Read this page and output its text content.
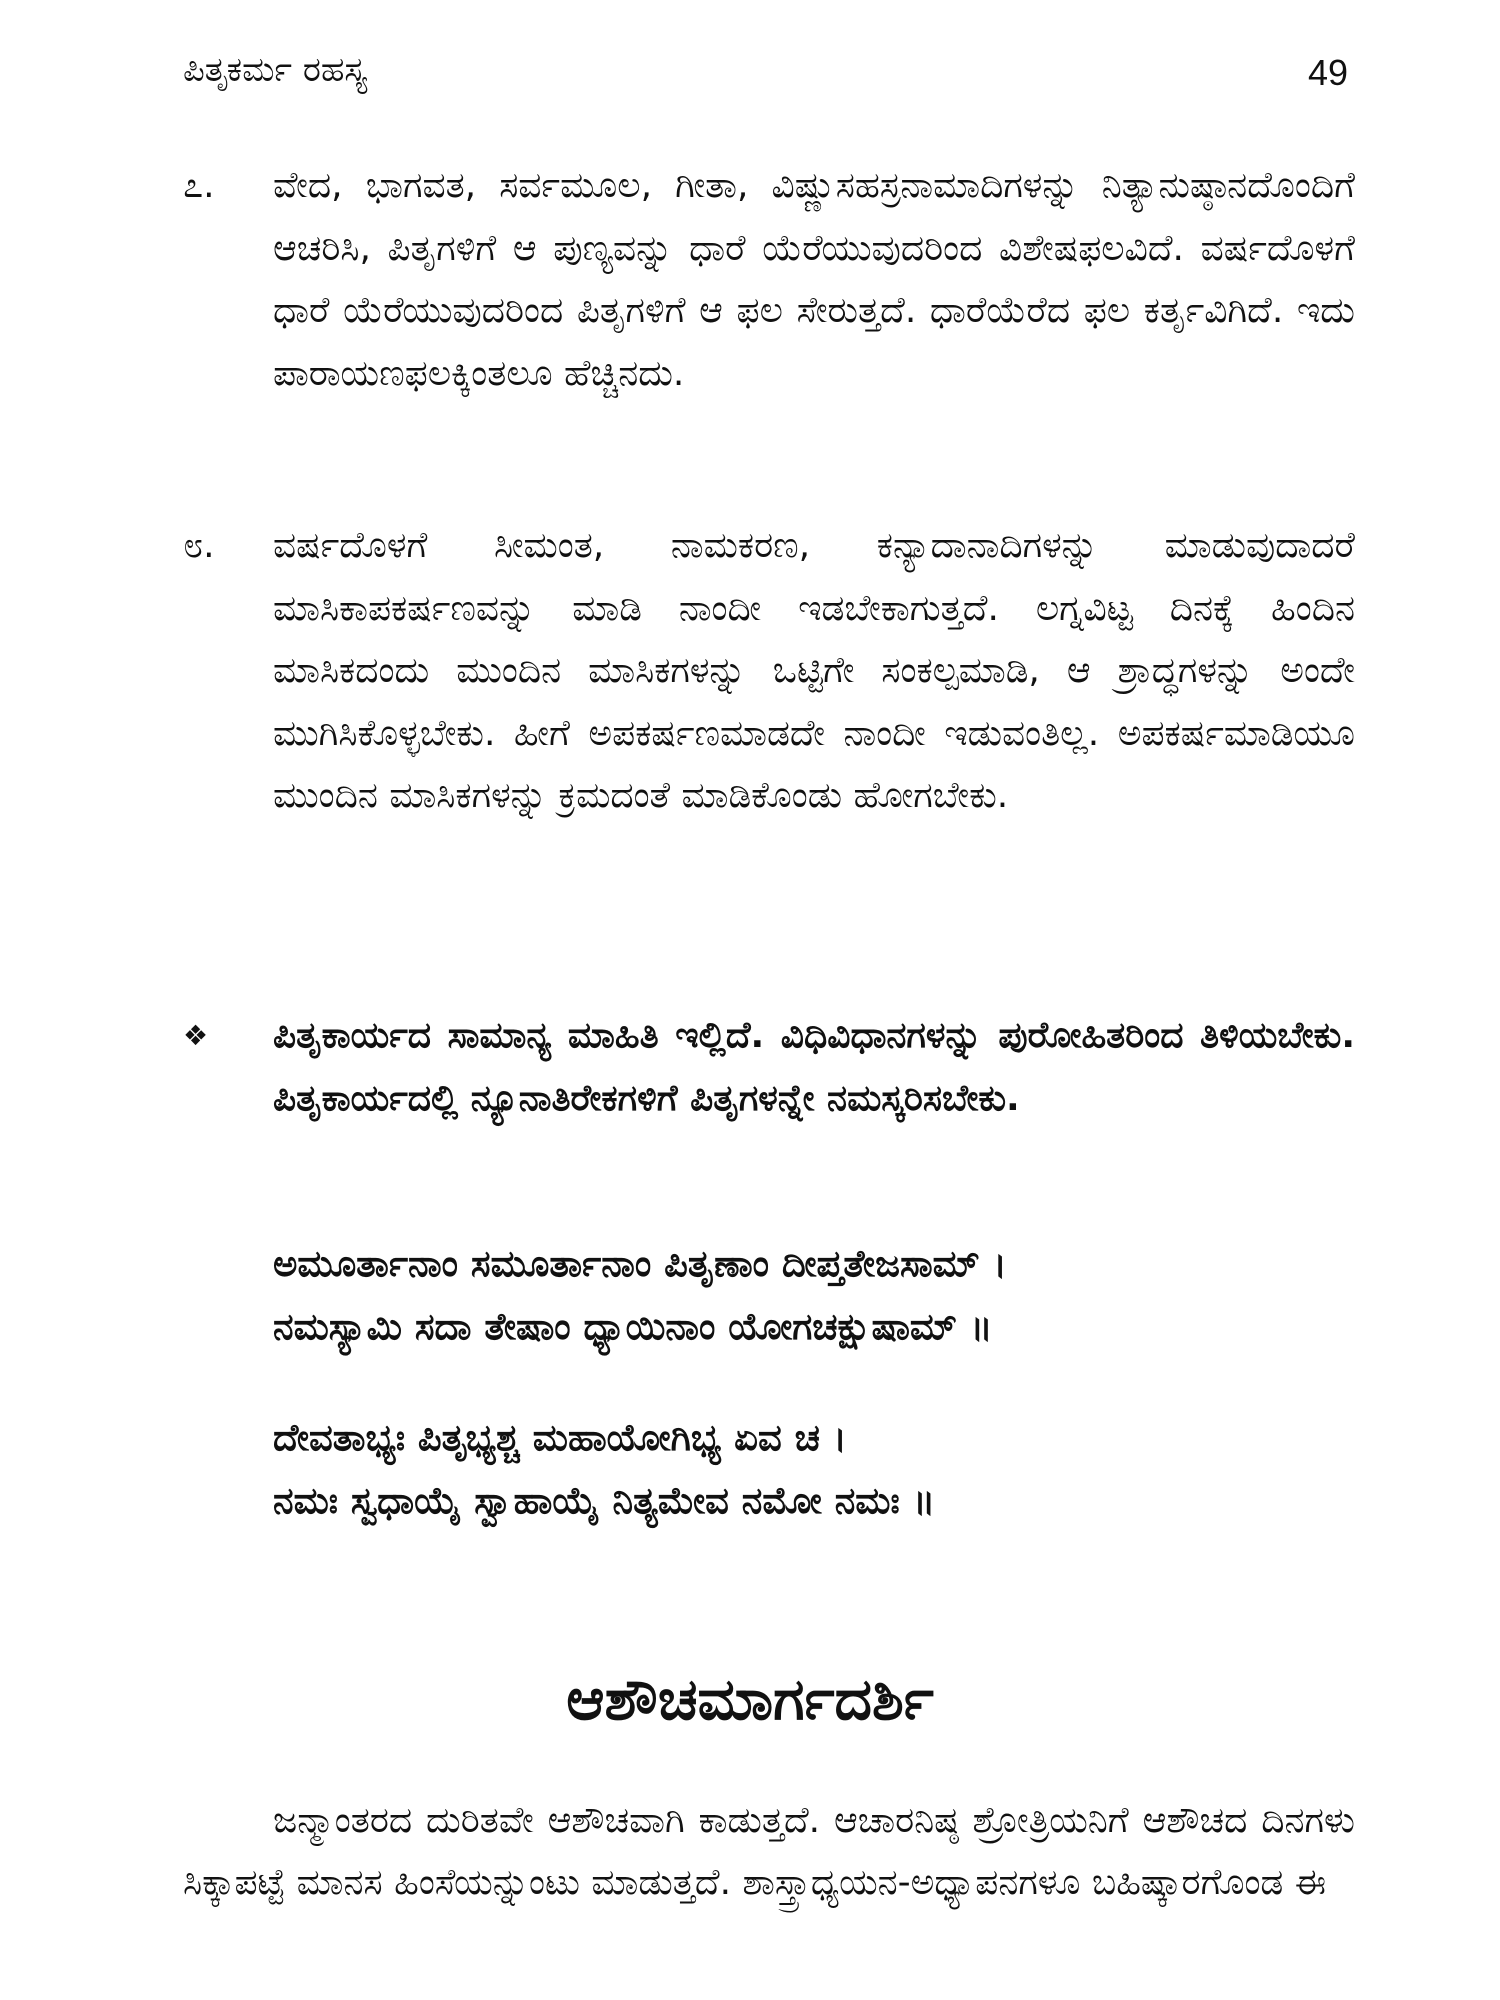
ಪಿತೃಕರ್ಮ ರಹಸ್ಯ	49
೭.	ವೇದ, ಭಾಗವತ, ಸರ್ವಮೂಲ, ಗೀತಾ, ವಿಷ್ಣುಸಹಸ್ರನಾಮಾದಿಗಳನ್ನು ನಿತ್ಯಾನುಷ್ಠಾನದೊಂದಿಗೆ ಆಚರಿಸಿ, ಪಿತೃಗಳಿಗೆ ಆ ಪುಣ್ಯವನ್ನು ಧಾರೆ ಯೆರೆಯುವುದರಿಂದ ವಿಶೇಷಫಲವಿದೆ. ವರ್ಷದೊಳಗೆ ಧಾರೆ ಯೆರೆಯುವುದರಿಂದ ಪಿತೃಗಳಿಗೆ ಆ ಫಲ ಸೇರುತ್ತದೆ. ಧಾರೆಯೆರೆದ ಫಲ ಕರ್ತೃವಿಗಿದೆ. ಇದು ಪಾರಾಯಣಫಲಕ್ಕಿಂತಲೂ ಹೆಚ್ಚಿನದು.
೮.	ವರ್ಷದೊಳಗೆ ಸೀಮಂತ, ನಾಮಕರಣ, ಕನ್ಯಾದಾನಾದಿಗಳನ್ನು ಮಾಡುವುದಾದರೆ ಮಾಸಿಕಾಪಕರ್ಷಣವನ್ನು ಮಾಡಿ ನಾಂದೀ ಇಡಬೇಕಾಗುತ್ತದೆ. ಲಗ್ನವಿಟ್ಟ ದಿನಕ್ಕೆ ಹಿಂದಿನ ಮಾಸಿಕದಂದು ಮುಂದಿನ ಮಾಸಿಕಗಳನ್ನು ಒಟ್ಟಿಗೇ ಸಂಕಲ್ಪಮಾಡಿ, ಆ ಶ್ರಾದ್ಧಗಳನ್ನು ಅಂದೇ ಮುಗಿಸಿಕೊಳ್ಳಬೇಕು. ಹೀಗೆ ಅಪಕರ್ಷಣಮಾಡದೇ ನಾಂದೀ ಇಡುವಂತಿಲ್ಲ. ಅಪಕರ್ಷಮಾಡಿಯೂ ಮುಂದಿನ ಮಾಸಿಕಗಳನ್ನು ಕ್ರಮದಂತೆ ಮಾಡಿಕೊಂಡು ಹೋಗಬೇಕು.
❖	ಪಿತೃಕಾರ್ಯದ ಸಾಮಾನ್ಯ ಮಾಹಿತಿ ಇಲ್ಲಿದೆ. ವಿಧಿವಿಧಾನಗಳನ್ನು ಪುರೋಹಿತರಿಂದ ತಿಳಿಯಬೇಕು. ಪಿತೃಕಾರ್ಯದಲ್ಲಿ ನ್ಯೂನಾತಿರೇಕಗಳಿಗೆ ಪಿತೃಗಳನ್ನೇ ನಮಸ್ಕರಿಸಬೇಕು.
ಅಮೂರ್ತಾನಾಂ ಸಮೂರ್ತಾನಾಂ ಪಿತೃಣಾಂ ದೀಪ್ತತೇಜಸಾಮ್ ।
ನಮಸ್ಯಾಮಿ ಸದಾ ತೇಷಾಂ ಧ್ಯಾಯಿನಾಂ ಯೋಗಚಕ್ಷುಷಾಮ್ ॥
ದೇವತಾಭ್ಯಃ ಪಿತೃಭ್ಯಶ್ಚ ಮಹಾಯೋಗಿಭ್ಯ ಏವ ಚ ।
ನಮಃ ಸ್ವಧಾಯೈ ಸ್ವಾಹಾಯೈ ನಿತ್ಯಮೇವ ನಮೋ ನಮಃ ॥
ಆಶೌಚಮಾರ್ಗದರ್ಶಿ
ಜನ್ಮಾಂತರದ ದುರಿತವೇ ಆಶೌಚವಾಗಿ ಕಾಡುತ್ತದೆ. ಆಚಾರನಿಷ್ಠ ಶ್ರೋತ್ರಿಯನಿಗೆ ಆಶೌಚದ ದಿನಗಳು ಸಿಕ್ಕಾಪಟ್ಟೆ ಮಾನಸ ಹಿಂಸೆಯನ್ನುಂಟು ಮಾಡುತ್ತದೆ. ಶಾಸ್ತ್ರಾಧ್ಯಯನ-ಅಧ್ಯಾಪನಗಳೂ ಬಹಿಷ್ಕಾರಗೊಂಡ ಈ
